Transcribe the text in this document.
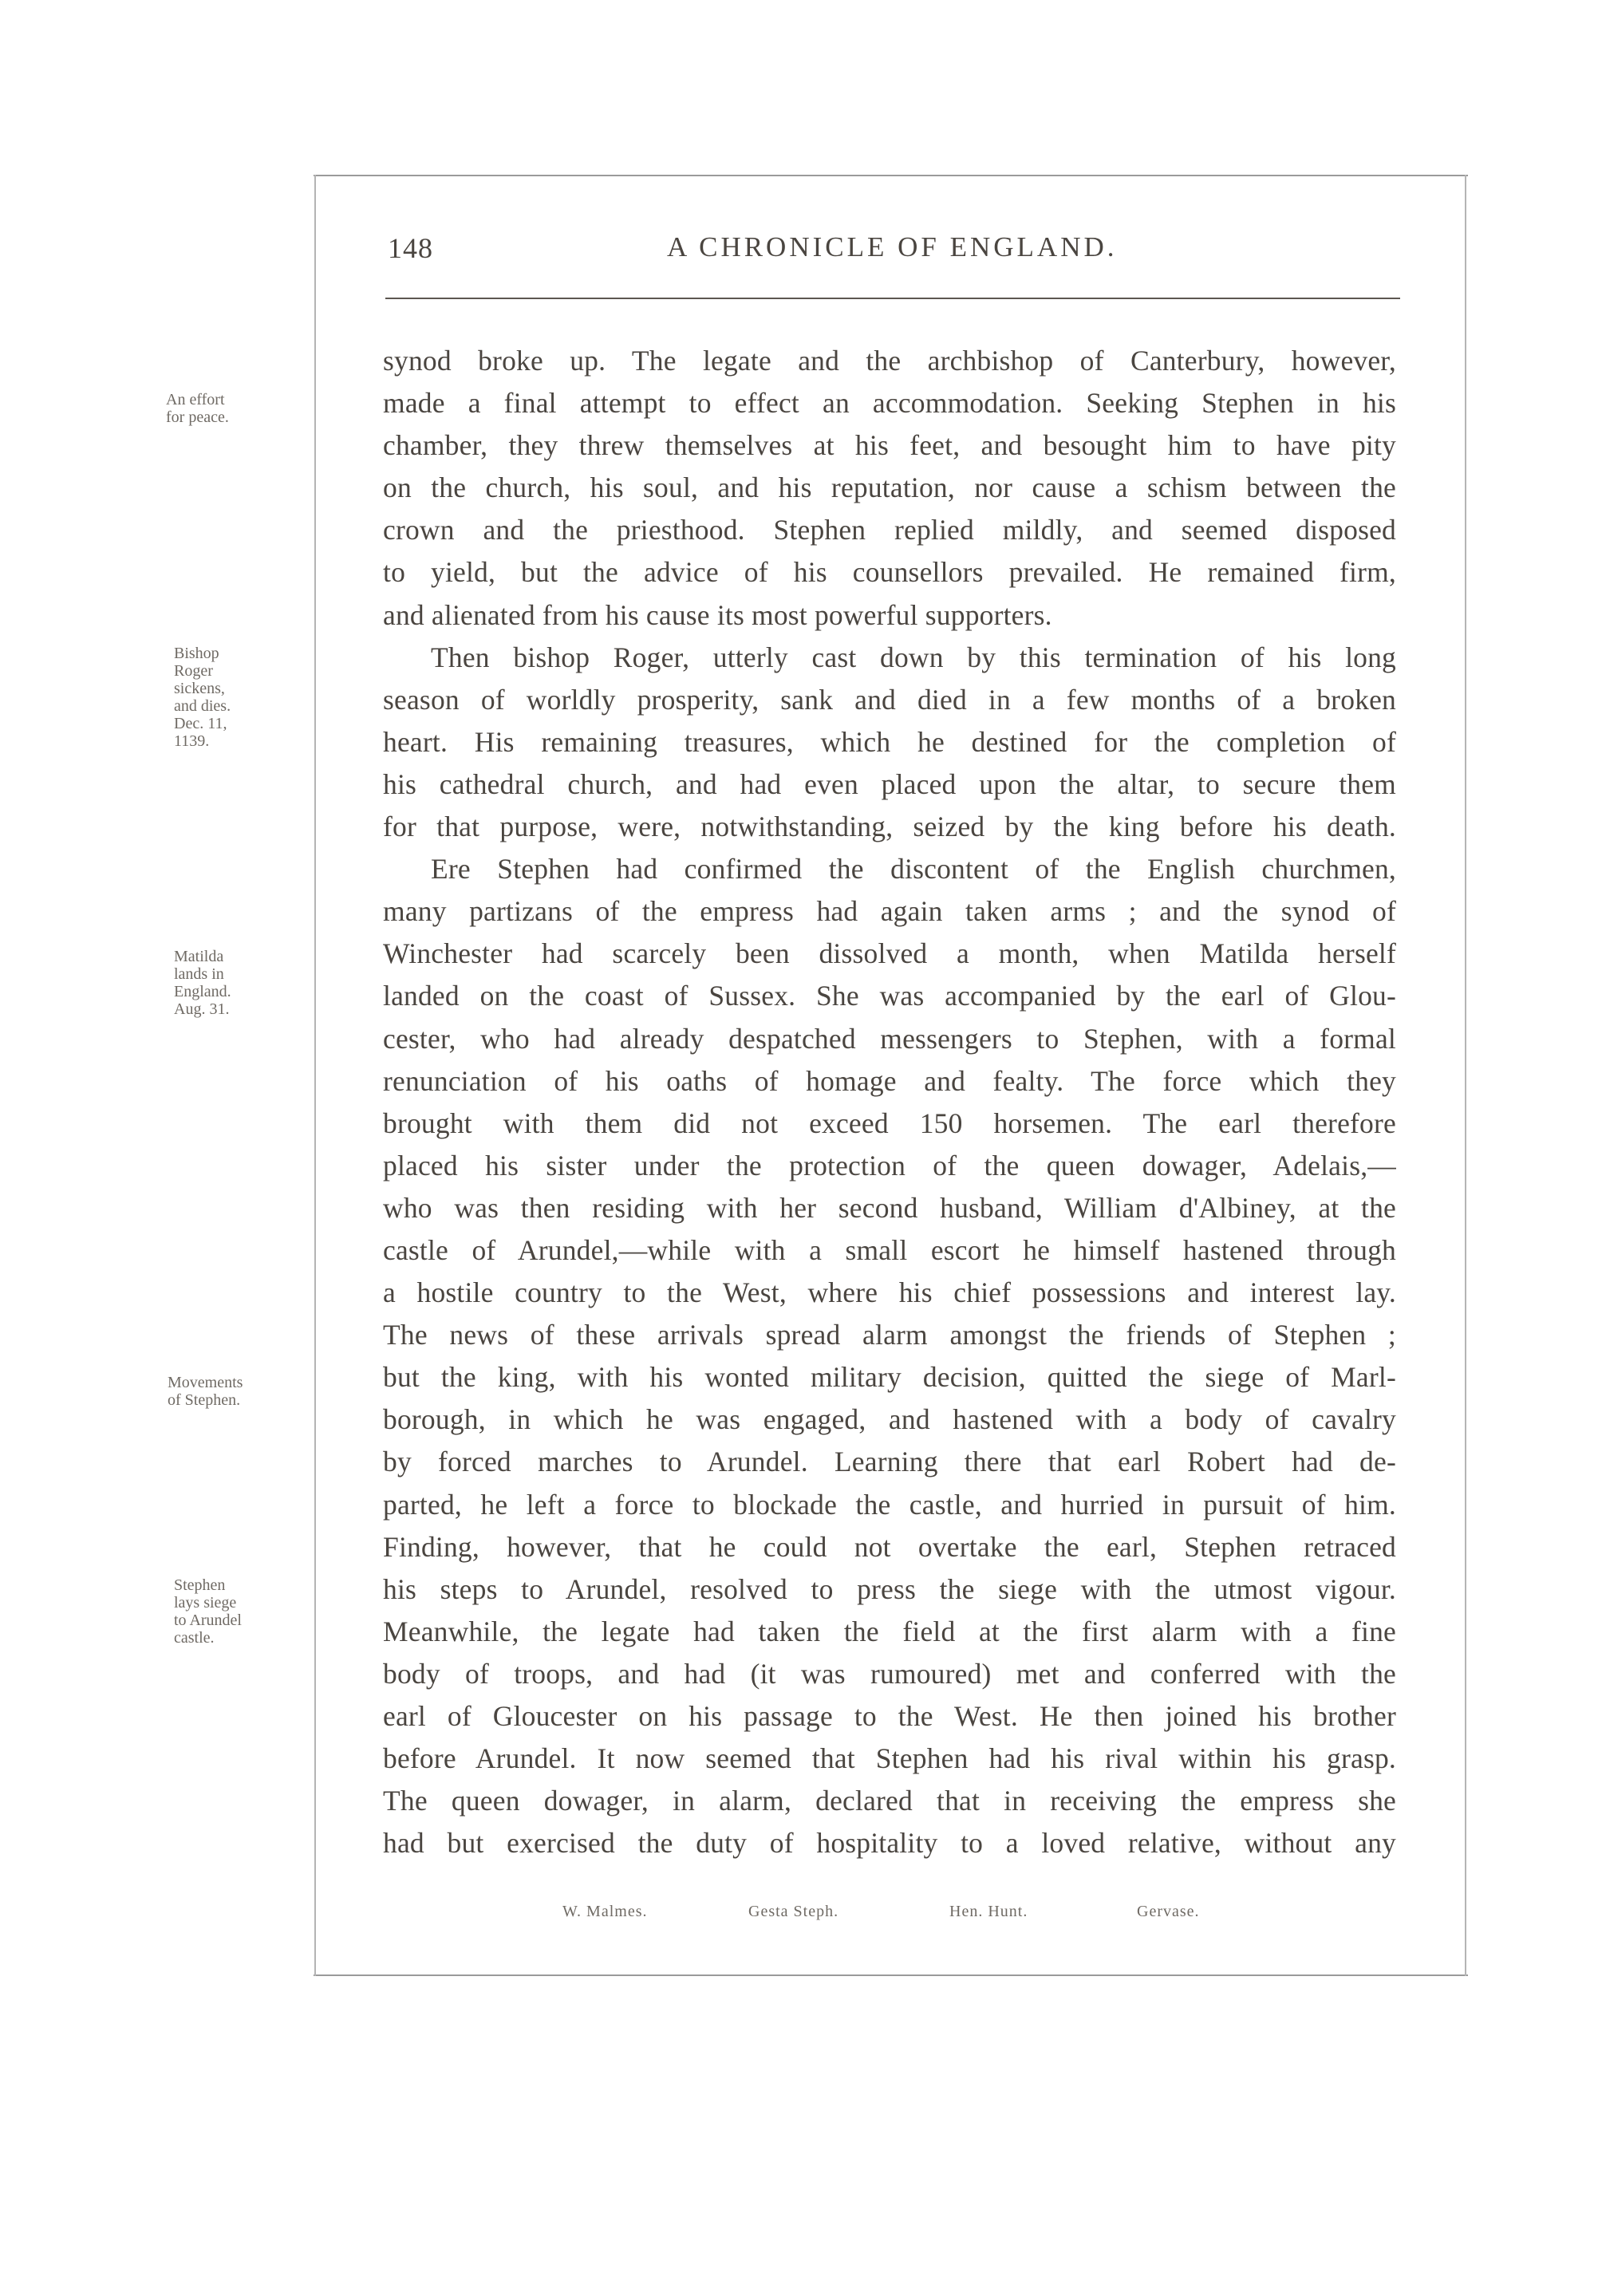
148	A CHRONICLE OF ENGLAND.
An effort
for peace.
Bishop
Roger
sickens,
and dies.
Dec. 11,
1139.
Matilda
lands in
England.
Aug. 31.
Movements
of Stephen.
Stephen
lays siege
to Arundel
castle.
synod broke up. The legate and the archbishop of Canterbury, however,
made a final attempt to effect an accommodation. Seeking Stephen in his
chamber, they threw themselves at his feet, and besought him to have pity
on the church, his soul, and his reputation, nor cause a schism between the
crown and the priesthood. Stephen replied mildly, and seemed disposed
to yield, but the advice of his counsellors prevailed. He remained firm,
and alienated from his cause its most powerful supporters.
Then bishop Roger, utterly cast down by this termination of his long
season of worldly prosperity, sank and died in a few months of a broken
heart. His remaining treasures, which he destined for the completion of
his cathedral church, and had even placed upon the altar, to secure them
for that purpose, were, notwithstanding, seized by the king before his death.
Ere Stephen had confirmed the discontent of the English churchmen,
many partizans of the empress had again taken arms ; and the synod of
Winchester had scarcely been dissolved a month, when Matilda herself
landed on the coast of Sussex. She was accompanied by the earl of Glou-
cester, who had already despatched messengers to Stephen, with a formal
renunciation of his oaths of homage and fealty. The force which they
brought with them did not exceed 150 horsemen. The earl therefore
placed his sister under the protection of the queen dowager, Adelais,—
who was then residing with her second husband, William d'Albiney, at the
castle of Arundel,—while with a small escort he himself hastened through
a hostile country to the West, where his chief possessions and interest lay.
The news of these arrivals spread alarm amongst the friends of Stephen ;
but the king, with his wonted military decision, quitted the siege of Marl-
borough, in which he was engaged, and hastened with a body of cavalry
by forced marches to Arundel. Learning there that earl Robert had de-
parted, he left a force to blockade the castle, and hurried in pursuit of him.
Finding, however, that he could not overtake the earl, Stephen retraced
his steps to Arundel, resolved to press the siege with the utmost vigour.
Meanwhile, the legate had taken the field at the first alarm with a fine
body of troops, and had (it was rumoured) met and conferred with the
earl of Gloucester on his passage to the West. He then joined his brother
before Arundel. It now seemed that Stephen had his rival within his grasp.
The queen dowager, in alarm, declared that in receiving the empress she
had but exercised the duty of hospitality to a loved relative, without any
W. Malmes.	Gesta Steph.	Hen. Hunt.	Gervase.
